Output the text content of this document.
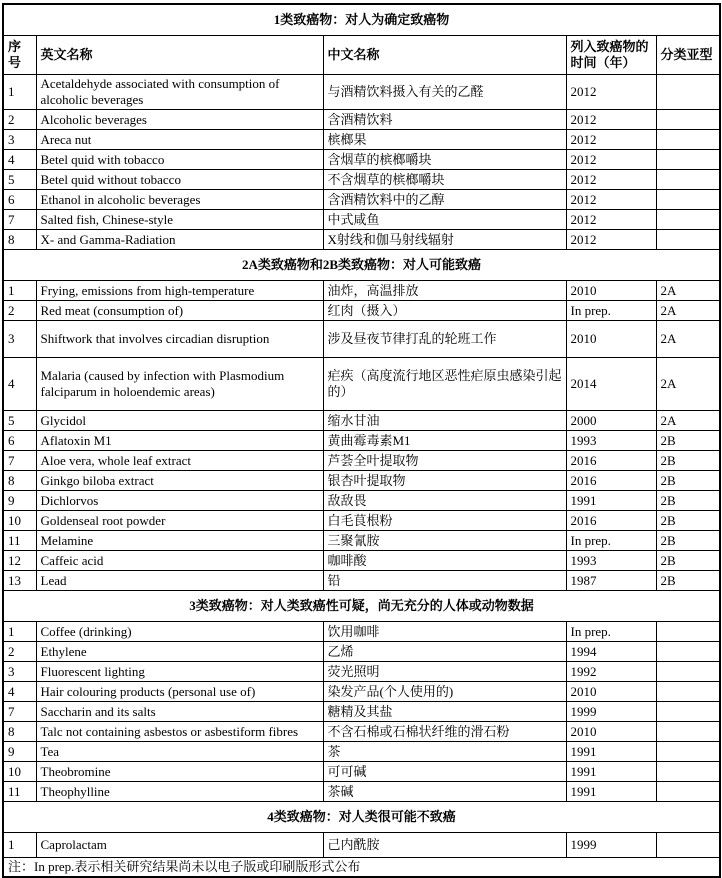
1类致癌物：对人为确定致癌物				
序号	英文名称	中文名称	列入致癌物的时间（年）	分类亚型
1	Acetaldehyde associated with consumption of alcoholic beverages	与酒精饮料摄入有关的乙醛	2012	
2	Alcoholic beverages	含酒精饮料	2012	
3	Areca nut	槟榔果	2012	
4	Betel quid with tobacco	含烟草的槟榔嚼块	2012	
5	Betel quid without tobacco	不含烟草的槟榔嚼块	2012	
6	Ethanol in alcoholic beverages	含酒精饮料中的乙醇	2012	
7	Salted fish, Chinese-style	中式咸鱼	2012	
8	X- and Gamma-Radiation	X射线和伽马射线辐射	2012	
2A类致癌物和2B类致癌物：对人可能致癌				
1	Frying, emissions from high-temperature	油炸，高温排放	2010	2A
2	Red meat (consumption of)	红肉（摄入）	In prep.	2A
3	Shiftwork that involves circadian disruption	涉及昼夜节律打乱的轮班工作	2010	2A
4	Malaria (caused by infection with Plasmodium falciparum in holoendemic areas)	疟疾（高度流行地区恶性疟原虫感染引起的）	2014	2A
5	Glycidol	缩水甘油	2000	2A
6	Aflatoxin M1	黄曲霉毒素M1	1993	2B
7	Aloe vera, whole leaf extract	芦荟全叶提取物	2016	2B
8	Ginkgo biloba extract	银杏叶提取物	2016	2B
9	Dichlorvos	敌敌畏	1991	2B
10	Goldenseal root powder	白毛茛根粉	2016	2B
11	Melamine	三聚氰胺	In prep.	2B
12	Caffeic acid	咖啡酸	1993	2B
13	Lead	铅	1987	2B
3类致癌物：对人类致癌性可疑，尚无充分的人体或动物数据				
1	Coffee (drinking)	饮用咖啡	In prep.	
2	Ethylene	乙烯	1994	
3	Fluorescent lighting	荧光照明	1992	
4	Hair colouring products (personal use of)	染发产品(个人使用的)	2010	
7	Saccharin and its salts	糖精及其盐	1999	
8	Talc not containing asbestos or asbestiform fibres	不含石棉或石棉状纤维的滑石粉	2010	
9	Tea	茶	1991	
10	Theobromine	可可碱	1991	
11	Theophylline	茶碱	1991	
4类致癌物：对人类很可能不致癌				
1	Caprolactam	己内酰胺	1999	
注：In prep.表示相关研究结果尚未以电子版或印刷版形式公布				
